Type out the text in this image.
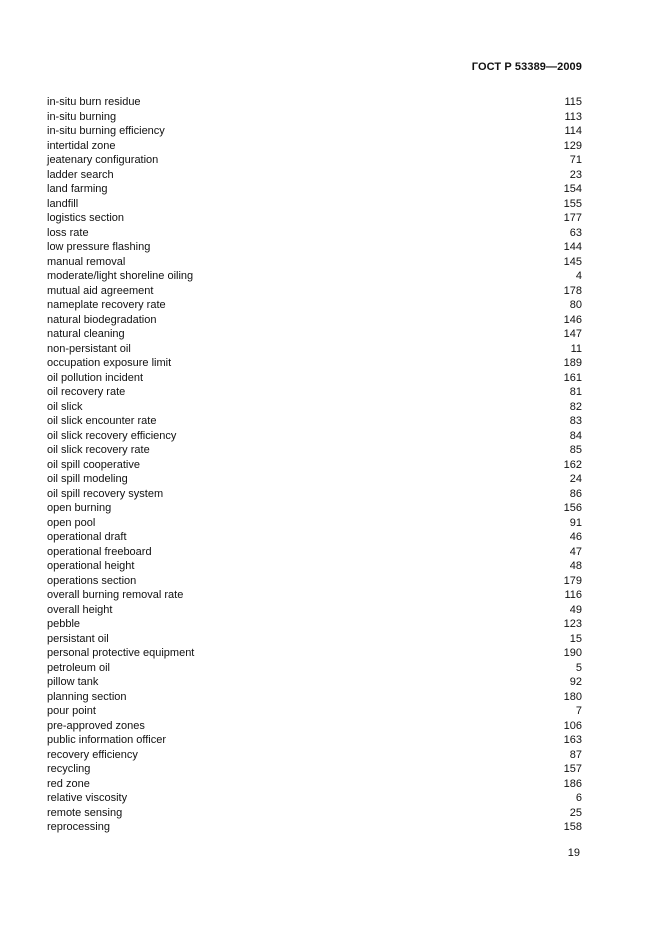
ГОСТ Р 53389—2009
in-situ burn residue	115
in-situ burning	113
in-situ burning efficiency	114
intertidal zone	129
jeatenary configuration	71
ladder search	23
land farming	154
landfill	155
logistics section	177
loss rate	63
low pressure flashing	144
manual removal	145
moderate/light shoreline oiling	4
mutual aid agreement	178
nameplate recovery rate	80
natural biodegradation	146
natural cleaning	147
non-persistant oil	11
occupation exposure limit	189
oil pollution incident	161
oil recovery rate	81
oil slick	82
oil slick encounter rate	83
oil slick recovery efficiency	84
oil slick recovery rate	85
oil spill cooperative	162
oil spill modeling	24
oil spill recovery system	86
open burning	156
open pool	91
operational draft	46
operational freeboard	47
operational height	48
operations section	179
overall burning removal rate	116
overall height	49
pebble	123
persistant oil	15
personal protective equipment	190
petroleum oil	5
pillow tank	92
planning section	180
pour point	7
pre-approved zones	106
public information officer	163
recovery efficiency	87
recycling	157
red zone	186
relative viscosity	6
remote sensing	25
reprocessing	158
19
